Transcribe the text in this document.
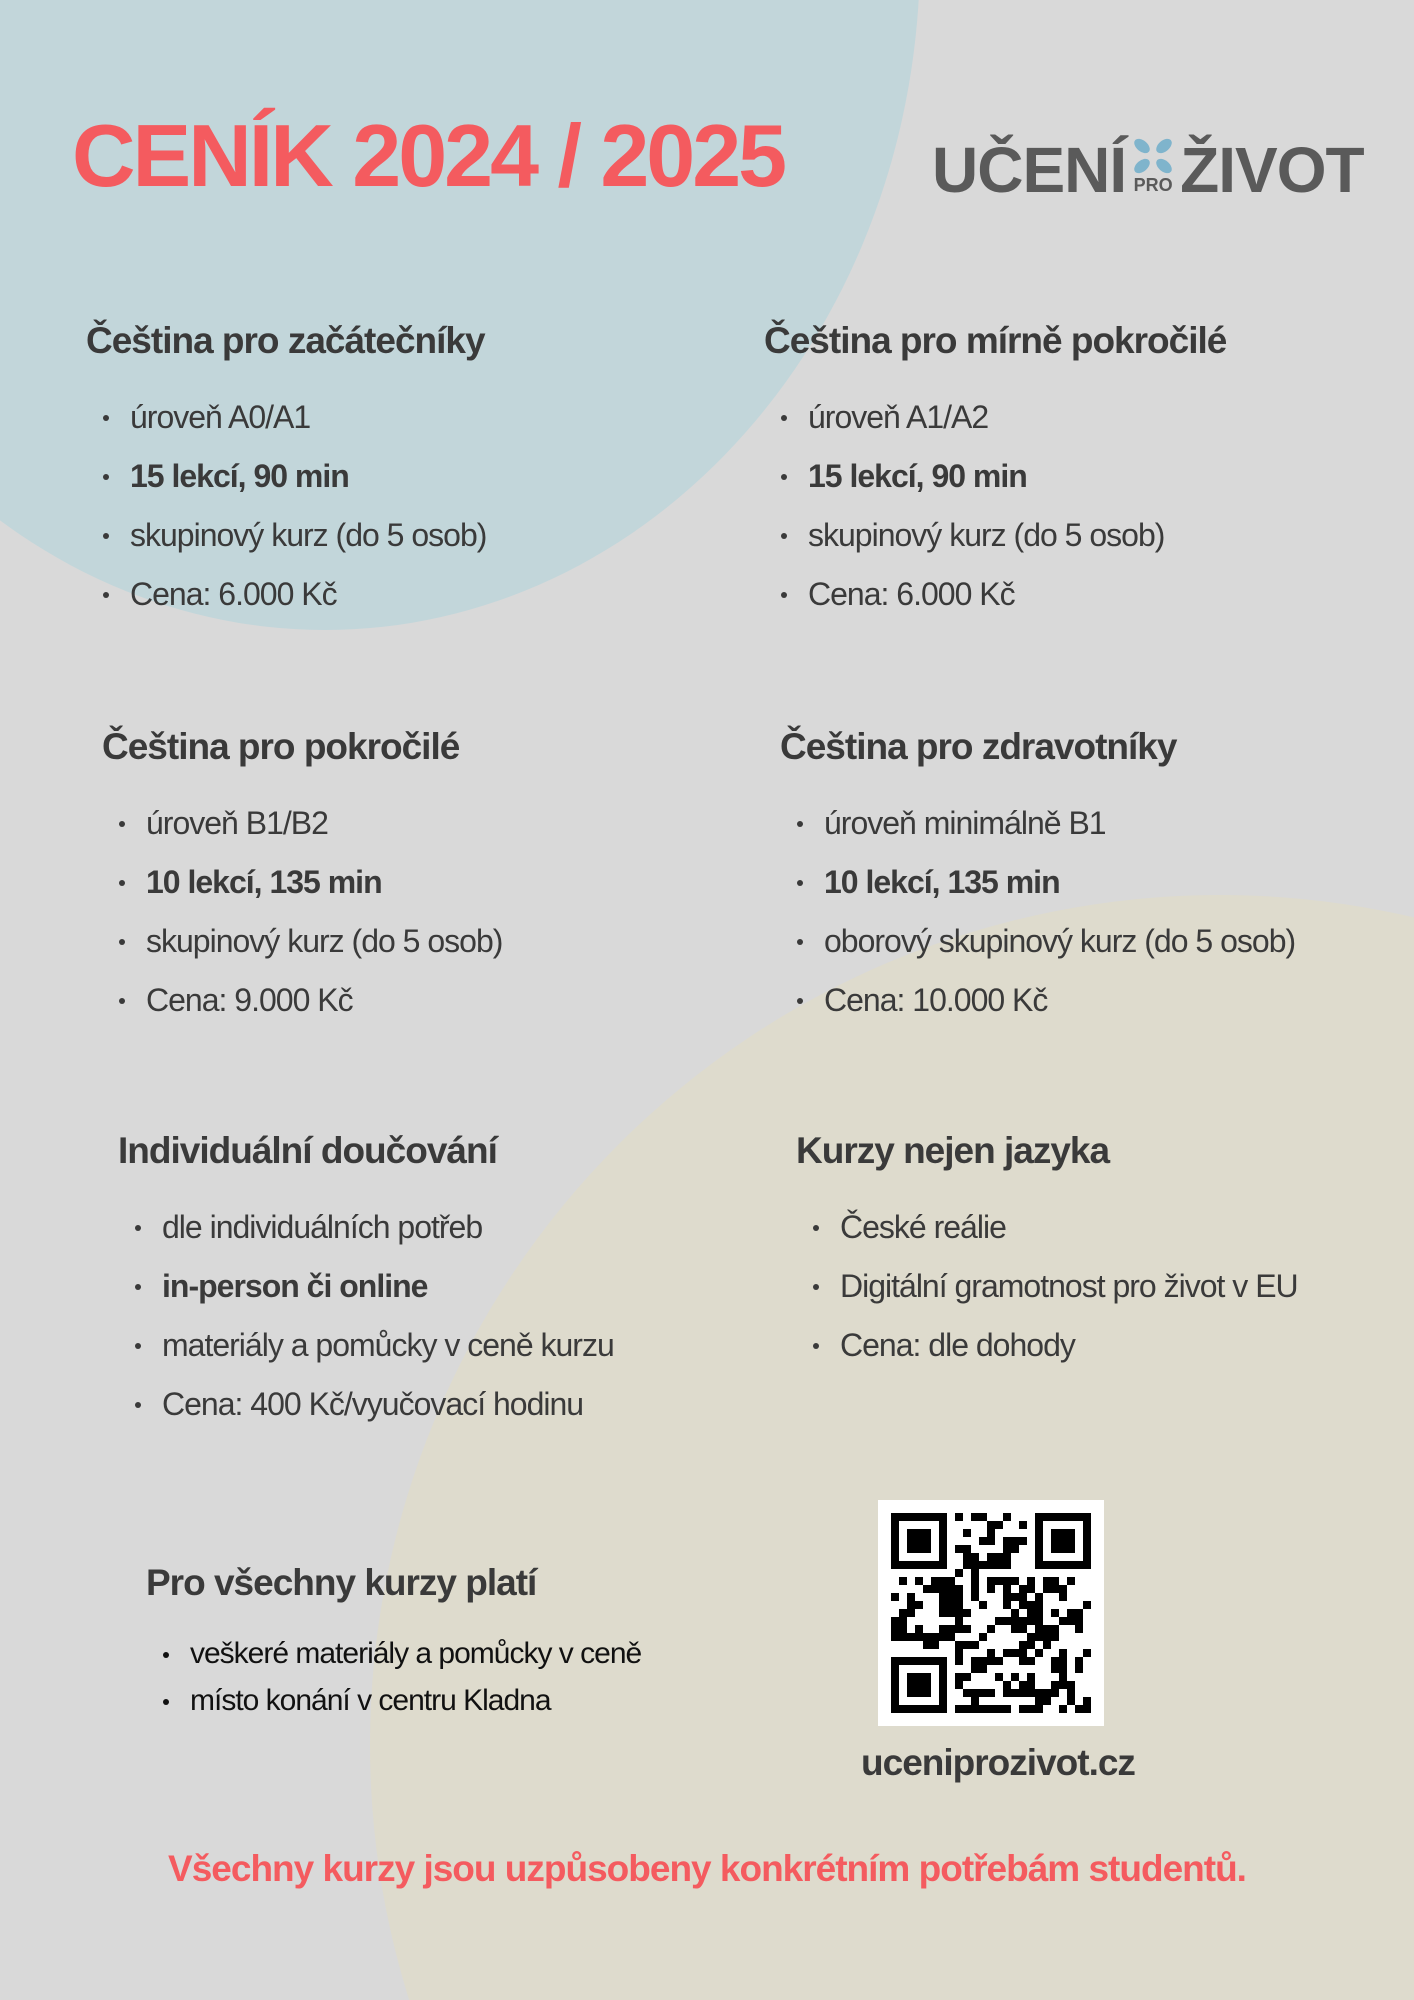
CENÍK 2024 / 2025 UČENÍ PRO ŽIVOT
Čeština pro začátečníky
úroveň A0/A1
15 lekcí, 90 min
skupinový kurz (do 5 osob)
Cena: 6.000 Kč
Čeština pro mírně pokročilé
úroveň A1/A2
15 lekcí, 90 min
skupinový kurz (do 5 osob)
Cena: 6.000 Kč
Čeština pro pokročilé
úroveň B1/B2
10 lekcí, 135 min
skupinový kurz (do 5 osob)
Cena: 9.000 Kč
Čeština pro zdravotníky
úroveň minimálně B1
10 lekcí, 135 min
oborový skupinový kurz (do 5 osob)
Cena: 10.000 Kč
Individuální doučování
dle individuálních potřeb
in-person či online
materiály a pomůcky v ceně kurzu
Cena: 400 Kč/vyučovací hodinu
Kurzy nejen jazyka
České reálie
Digitální gramotnost pro život v EU
Cena: dle dohody
Pro všechny kurzy platí
veškeré materiály a pomůcky v ceně
místo konání v centru Kladna
uceniprozivot.cz
Všechny kurzy jsou uzpůsobeny konkrétním potřebám studentů.
